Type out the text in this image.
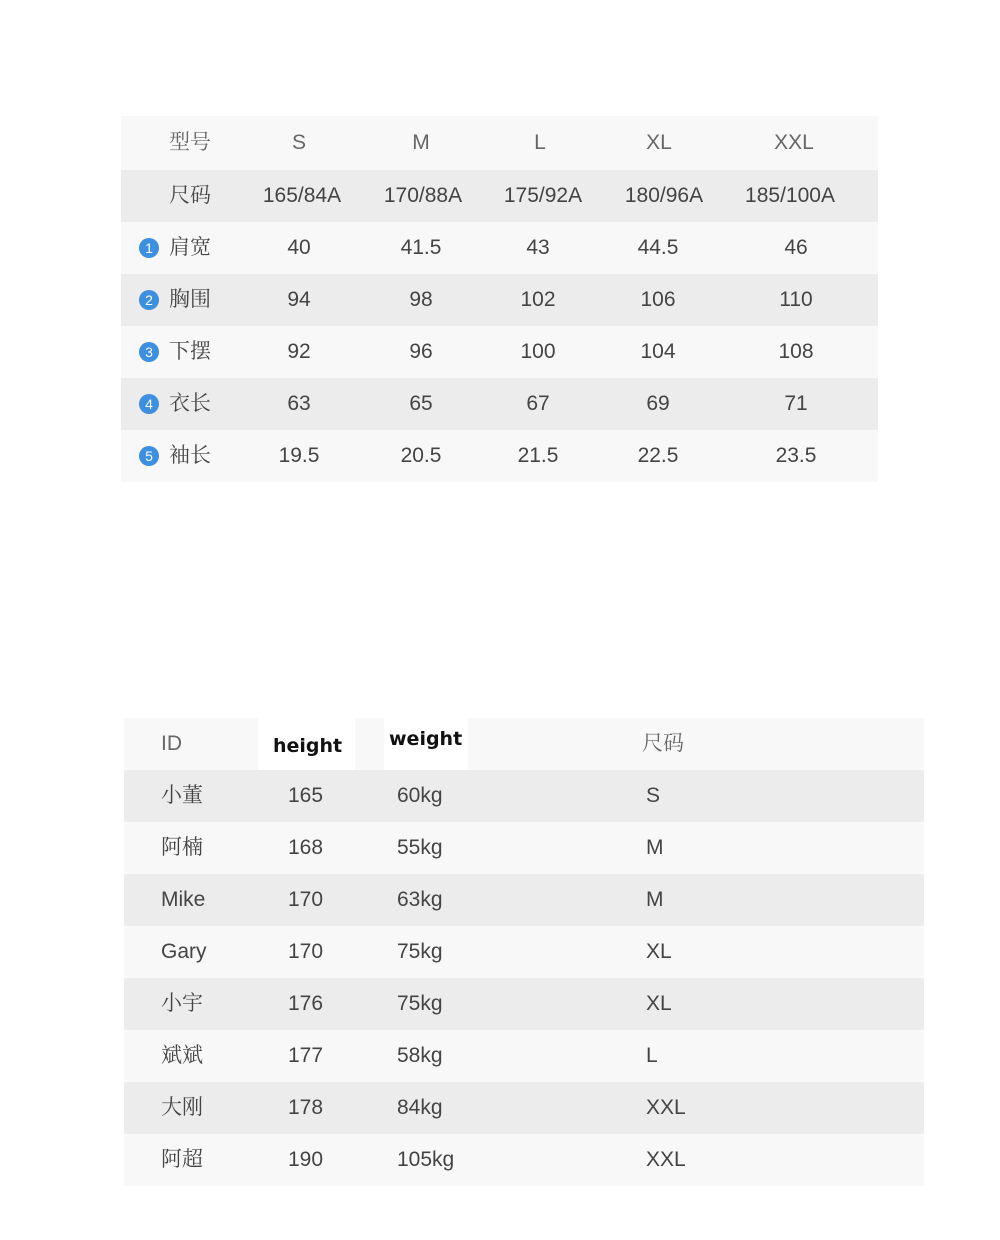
型号	S	M	L	XL	XXL
尺码 165/84A 170/88A 175/92A 180/96A 185/100A
1 肩宽	40	41.5	43	44.5	46
2 胸围	94	98	102	106	110
3 下摆	92	96	100	104	108
4 衣长	63	65	67	69	71
5 袖长	19.5	20.5	21.5	22.5	23.5
ID	height	weight	尺码
小董	165	60kg	S
阿楠	168	55kg	M
Mike	170	63kg	M
Gary	170	75kg	XL
小宇	176	75kg	XL
斌斌	177	58kg	L
大刚	178	84kg	XXL
阿超	190	105kg	XXL
